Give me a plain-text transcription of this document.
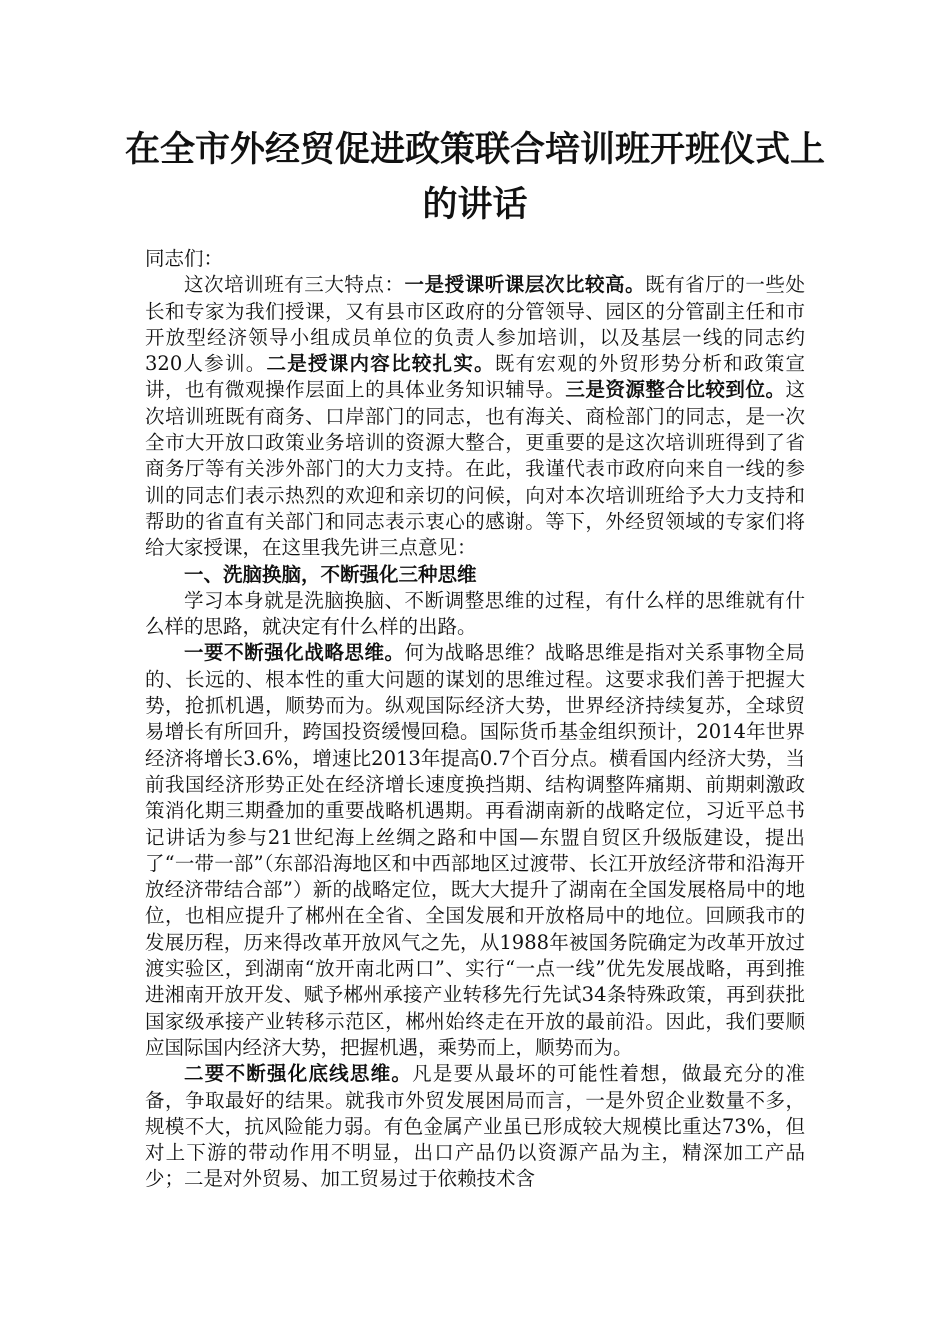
在全市外经贸促进政策联合培训班开班仪式上的讲话

同志们：

这次培训班有三大特点：一是授课听课层次比较高。既有省厅的一些处长和专家为我们授课，又有县市区政府的分管领导、园区的分管副主任和市开放型经济领导小组成员单位的负责人参加培训，以及基层一线的同志约320人参训。二是授课内容比较扎实。既有宏观的外贸形势分析和政策宣讲，也有微观操作层面上的具体业务知识辅导。三是资源整合比较到位。这次培训班既有商务、口岸部门的同志，也有海关、商检部门的同志，是一次全市大开放口政策业务培训的资源大整合，更重要的是这次培训班得到了省商务厅等有关涉外部门的大力支持。在此，我谨代表市政府向来自一线的参训的同志们表示热烈的欢迎和亲切的问候，向对本次培训班给予大力支持和帮助的省直有关部门和同志表示衷心的感谢。等下，外经贸领域的专家们将给大家授课，在这里我先讲三点意见：

一、洗脑换脑，不断强化三种思维

学习本身就是洗脑换脑、不断调整思维的过程，有什么样的思维就有什么样的思路，就决定有什么样的出路。

一要不断强化战略思维。何为战略思维？战略思维是指对关系事物全局的、长远的、根本性的重大问题的谋划的思维过程。这要求我们善于把握大势，抢抓机遇，顺势而为。纵观国际经济大势，世界经济持续复苏，全球贸易增长有所回升，跨国投资缓慢回稳。国际货币基金组织预计，2014年世界经济将增长3.6%，增速比2013年提高0.7个百分点。横看国内经济大势，当前我国经济形势正处在经济增长速度换挡期、结构调整阵痛期、前期刺激政策消化期三期叠加的重要战略机遇期。再看湖南新的战略定位，习近平总书记讲话为参与21世纪海上丝绸之路和中国—东盟自贸区升级版建设，提出了“一带一部”（东部沿海地区和中西部地区过渡带、长江开放经济带和沿海开放经济带结合部”）新的战略定位，既大大提升了湖南在全国发展格局中的地位，也相应提升了郴州在全省、全国发展和开放格局中的地位。回顾我市的发展历程，历来得改革开放风气之先，从1988年被国务院确定为改革开放过渡实验区，到湖南“放开南北两口”、实行“一点一线”优先发展战略，再到推进湘南开放开发、赋予郴州承接产业转移先行先试34条特殊政策，再到获批国家级承接产业转移示范区，郴州始终走在开放的最前沿。因此，我们要顺应国际国内经济大势，把握机遇，乘势而上，顺势而为。

二要不断强化底线思维。凡是要从最坏的可能性着想，做最充分的准备，争取最好的结果。就我市外贸发展困局而言，一是外贸企业数量不多，规模不大，抗风险能力弱。有色金属产业虽已形成较大规模比重达73%，但对上下游的带动作用不明显，出口产品仍以资源产品为主，精深加工产品少；二是对外贸易、加工贸易过于依赖技术含
